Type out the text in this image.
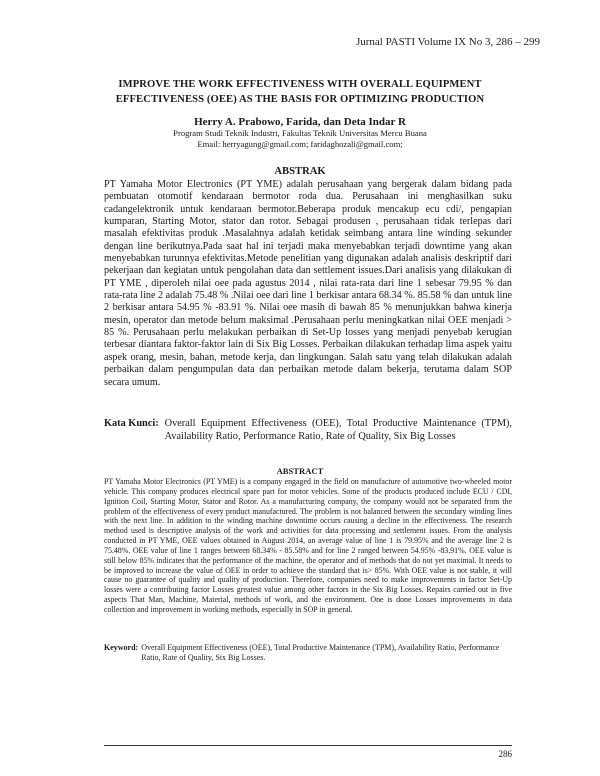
Jurnal PASTI Volume IX No 3, 286 – 299
IMPROVE THE WORK EFFECTIVENESS WITH OVERALL EQUIPMENT
EFFECTIVENESS (OEE) AS THE BASIS FOR OPTIMIZING PRODUCTION
Herry A. Prabowo, Farida, dan Deta Indar R
Program Studi Teknik Industri, Fakultas Teknik Universitas Mercu Buana
Email: herryagung@gmail.com; faridaghozali@gmail.com;
ABSTRAK

PT Yamaha Motor Electronics (PT YME) adalah perusahaan yang bergerak dalam bidang pada pembuatan otomotif kendaraan bermotor roda dua. Perusahaan ini menghasilkan suku cadangelektronik untuk kendaraan bermotor.Beberapa produk mencakup ecu cdi/, pengapian kumparan, Starting Motor, stator dan rotor. Sebagai produsen , perusahaan tidak terlepas dari masalah efektivitas produk .Masalahnya adalah ketidak seimbang antara line winding sekunder dengan line berikutnya.Pada saat hal ini terjadi maka menyebabkan terjadi downtime yang akan menyebabkan turunnya efektivitas.Metode penelitian yang digunakan adalah analisis deskriptif dari pekerjaan dan kegiatan untuk pengolahan data dan settlement issues.Dari analisis yang dilakukan di PT YME , diperoleh nilai oee pada agustus 2014 , nilai rata-rata dari line 1 sebesar 79.95 % dan rata-rata line 2 adalah 75.48 % .Nilai oee dari line 1 berkisar antara 68.34 %. 85.58 % dan untuk line 2 berkisar antara 54.95 % -83.91 %. Nilai oee masih di bawah 85 % menunjukkan bahwa kinerja mesin, operator dan metode belum maksimal .Perusahaan perlu meningkatkan nilai OEE menjadi > 85 %. Perusahaan perlu melakukan perbaikan di Set-Up losses yang menjadi penyebab kerugian terbesar diantara faktor-faktor lain di Six Big Losses. Perbaikan dilakukan terhadap lima aspek yaitu aspek orang, mesin, bahan, metode kerja, dan lingkungan. Salah satu yang telah dilakukan adalah perbaikan dalam pengumpulan data dan perbaikan metode dalam bekerja, terutama dalam SOP secara umum.

Kata Kunci: Overall Equipment Effectiveness (OEE), Total Productive Maintenance (TPM), Availability Ratio, Performance Ratio, Rate of Quality, Six Big Losses
ABSTRACT

PT Yamaha Motor Electronics (PT YME) is a company engaged in the field on manufacture of automotive two-wheeled motor vehicle. This company produces electrical spare part for motor vehicles. Some of the products produced include ECU / CDI, Ignition Coil, Starting Motor, Stator and Rotor. As a manufacturing company, the company would not be separated from the problem of the effectiveness of every product manufactured. The problem is not balanced between the secondary winding lines with the next line. In addition to the winding machine downtime occurs causing a decline in the effectiveness. The research method used is descriptive analysis of the work and activities for data processing and settlement issues. From the analysis conducted in PT YME, OEE values obtained in August 2014, an average value of line 1 is 79.95% and the average line 2 is 75.48%. OEE value of line 1 ranges between 68.34% - 85.58% and for line 2 ranged between 54.95% -83.91%. OEE value is still below 85% indicates that the performance of the machine, the operator and of methods that do not yet maximal. It needs to be improved to increase the value of OEE in order to achieve the standard that is> 85%. With OEE value is not stable, it will cause no guarantee of quality and quality of production. Therefore, companies need to make improvements in factor Set-Up losses were a contributing factor Losses greatest value among other factors in the Six Big Losses. Repairs carried out in five aspects That Man, Machine, Material, methods of work, and the environment. One is done Losses improvements in data collection and improvement in working methods, especially in SOP in general.

Keyword: Overall Equipment Effectiveness (OEE), Total Productive Maintenance (TPM), Availability Ratio, Performance Ratio, Rate of Quality, Six Big Losses.
286
